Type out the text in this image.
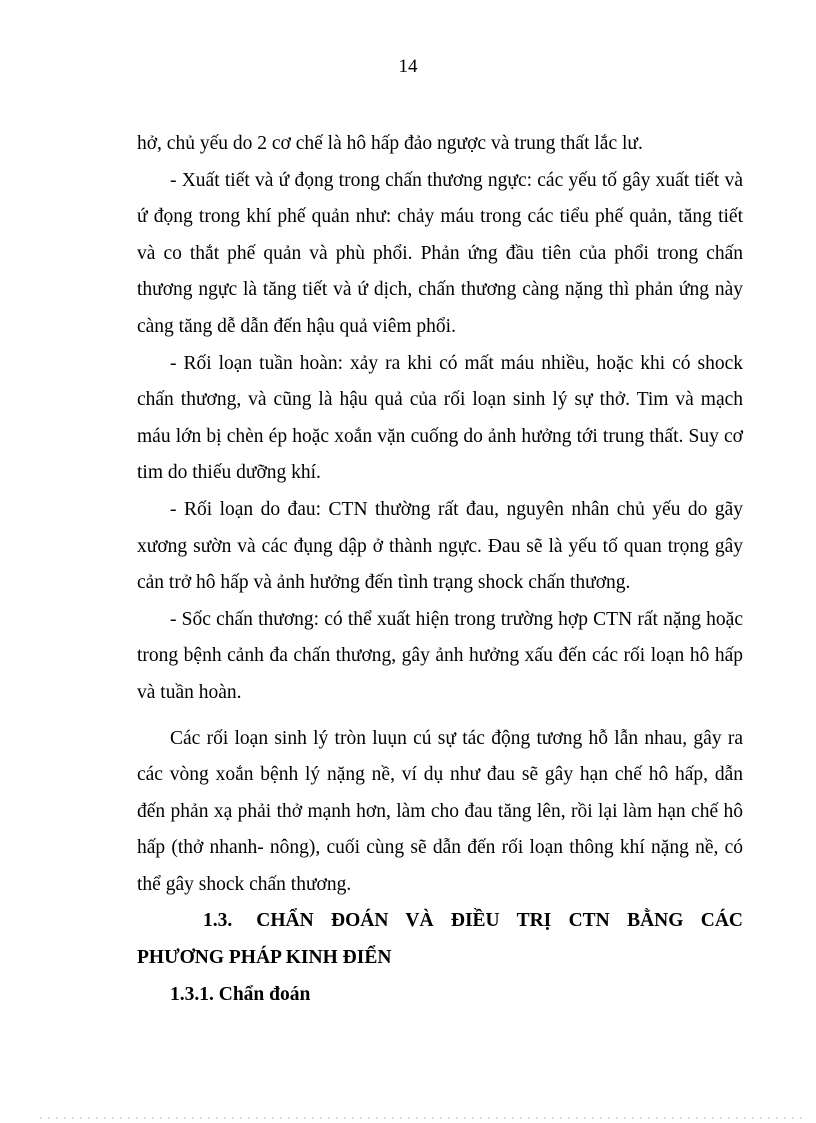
14

hở, chủ yếu do 2 cơ chế là hô hấp đảo ngược và trung thất lắc lư.

- Xuất tiết và ứ đọng trong chấn thương ngực: các yếu tố gây xuất tiết và ứ đọng trong khí phế quản như: chảy máu trong các tiểu phế quản, tăng tiết và co thắt phế quản và phù phổi. Phản ứng đầu tiên của phổi trong chấn thương ngực là tăng tiết và ứ dịch, chấn thương càng nặng thì phản ứng này càng tăng dễ dẫn đến hậu quả viêm phổi.

- Rối loạn tuần hoàn: xảy ra khi có mất máu nhiều, hoặc khi có shock chấn thương, và cũng là hậu quả của rối loạn sinh lý sự thở. Tim và mạch máu lớn bị chèn ép hoặc xoắn vặn cuống do ảnh hưởng tới trung thất. Suy cơ tim do thiếu dưỡng khí.

- Rối loạn do đau: CTN thường rất đau, nguyên nhân chủ yếu do gãy xương sườn và các đụng dập ở thành ngực. Đau sẽ là yếu tố quan trọng gây cản trở hô hấp và ảnh hưởng đến tình trạng shock chấn thương.

- Sốc chấn thương: có thể xuất hiện trong trường hợp CTN rất nặng hoặc trong bệnh cảnh đa chấn thương, gây ảnh hưởng xấu đến các rối loạn hô hấp và tuần hoàn.

Các rối loạn sinh lý tròn luụn cú sự tác động tương hỗ lẫn nhau, gây ra các vòng xoắn bệnh lý nặng nề, ví dụ như đau sẽ gây hạn chế hô hấp, dẫn đến phản xạ phải thở mạnh hơn, làm cho đau tăng lên, rồi lại làm hạn chế hô hấp (thở nhanh- nông), cuối cùng sẽ dẫn đến rối loạn thông khí nặng nề, có thể gây shock chấn thương.

1.3. CHẨN ĐOÁN VÀ ĐIỀU TRỊ CTN BẰNG CÁC PHƯƠNG PHÁP KINH ĐIỂN

1.3.1. Chẩn đoán
